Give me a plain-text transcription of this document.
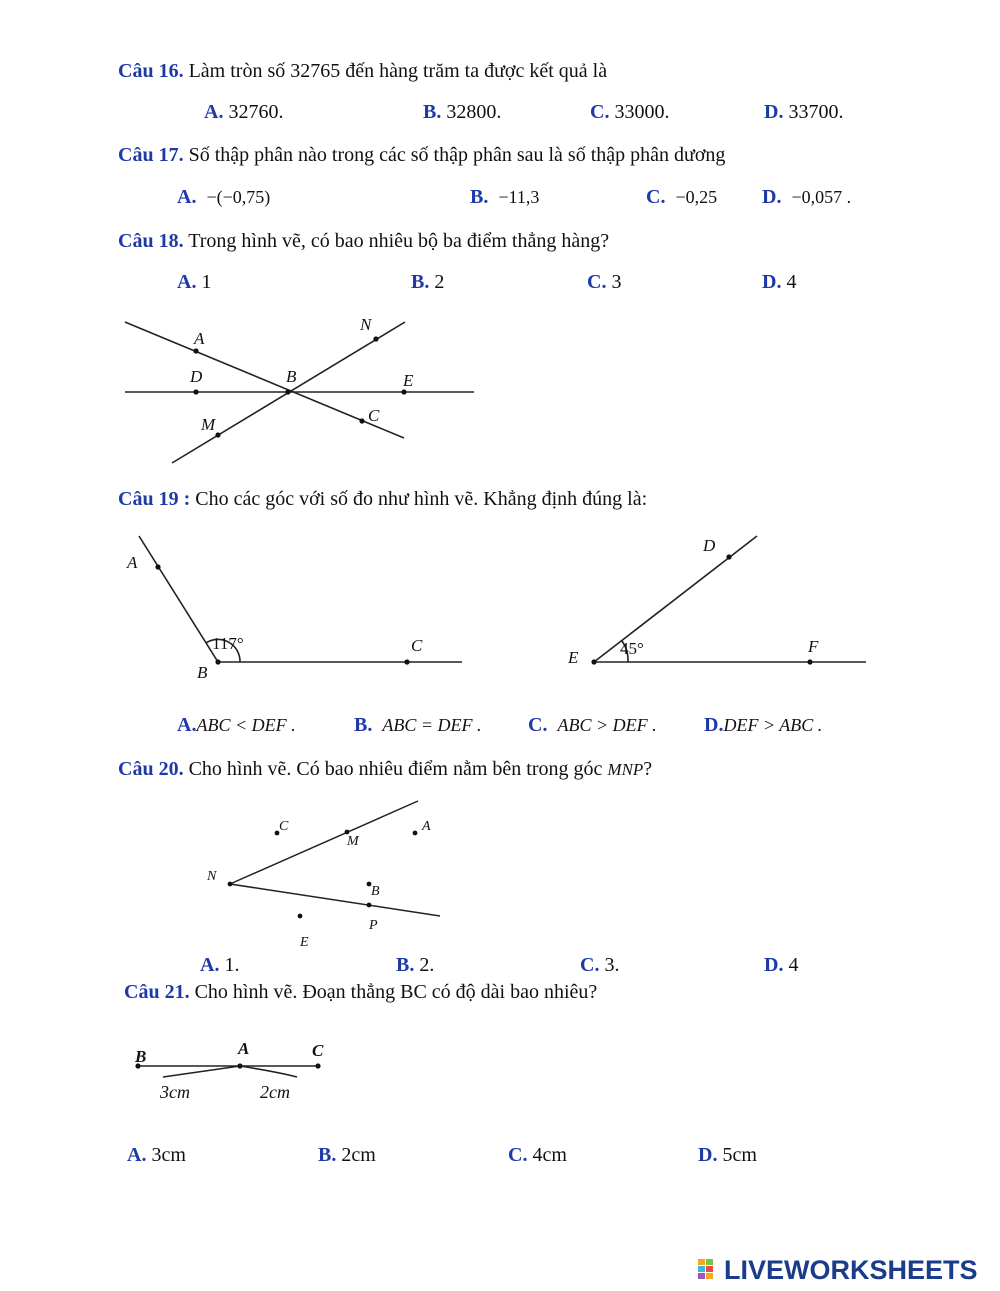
Câu 16. Làm tròn số 32765 đến hàng trăm ta được kết quả là
A. 32760.	B. 32800.	C. 33000.	D. 33700.
Câu 17. Số thập phân nào trong các số thập phân sau là số thập phân dương
A. −(−0,75)	B. −11,3	C. −0,25 D. −0,057 .
Câu 18. Trong hình vẽ, có bao nhiêu bộ ba điểm thẳng hàng?
A. 1	B. 2	C. 3	D. 4
A
N
D	B	E
M	C
Câu 19 : Cho các góc với số đo như hình vẽ. Khẳng định đúng là:
A
B
C
117°
D
E
F
45°
A.ABC < DEF .	B. ABC = DEF . C. ABC > DEF . D.DEF > ABC .
Câu 20. Cho hình vẽ. Có bao nhiêu điểm nằm bên trong góc MNP?
C
M
A
N
B
P
E
A. 1.	B. 2.	C. 3.	D. 4
Câu 21. Cho hình vẽ. Đoạn thẳng BC có độ dài bao nhiêu?
B	A	C
3cm	2cm
A. 3cm	B. 2cm	C. 4cm	D. 5cm
LIVEWORKSHEETS
